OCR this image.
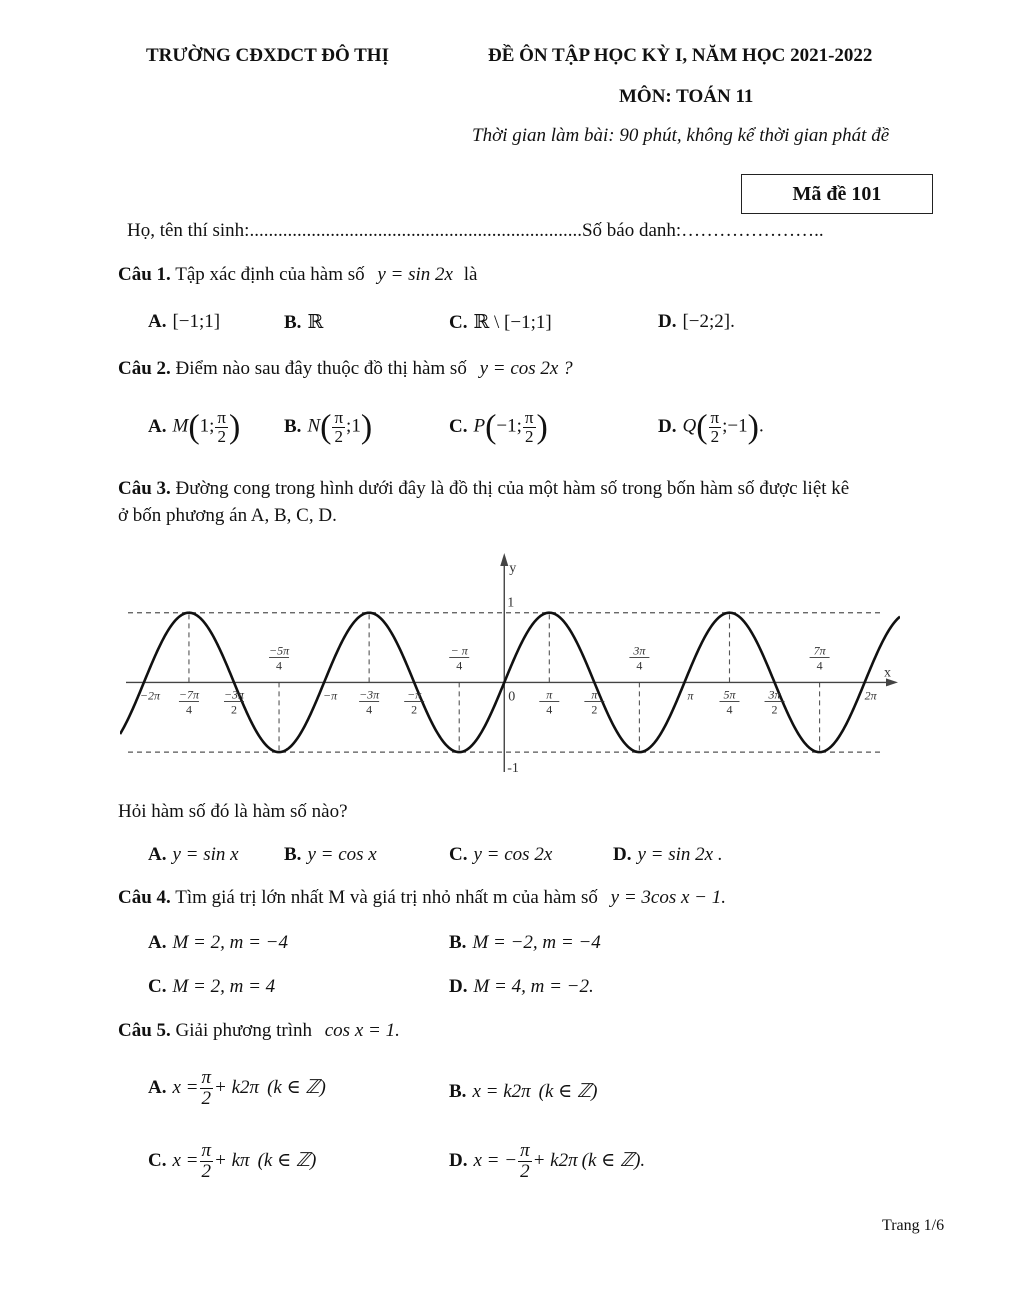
TRƯỜNG CĐXDCT ĐÔ THỊ	ĐỀ ÔN TẬP HỌC KỲ I, NĂM HỌC 2021-2022
MÔN: TOÁN 11
Thời gian làm bài: 90 phút, không kể thời gian phát đề
Mã đề 101
Họ, tên thí sinh:......................................................................Số báo danh:…………………..
Câu 1. Tập xác định của hàm số y = sin 2x là
A. [−1;1]	B. ℝ	C. ℝ \ [−1;1]	D. [−2;2].
Câu 2. Điểm nào sau đây thuộc đồ thị hàm số y = cos 2x ?
A. M(1; $\frac{\pi}{2}$ ) B. $N( \frac{\pi}{2}$ ;1)	C. P(−1; $\frac{\pi}{2}$ )	D. $Q( \frac{\pi}{2}$ ;−1).
Câu 3. Đường cong trong hình dưới đây là đồ thị của một hàm số trong bốn hàm số được liệt kê
ở bốn phương án A, B, C, D.
−2π −7π
4
−3π
2
−5π
4
−π −3π
4
−π
2
− π
4
π
4
π
2
3π
4
π	5π
4
3π
2
7π
4
2π
y
x
0
1
-1
Hỏi hàm số đó là hàm số nào?
A. y = sin x B. y = cos x	C. y = cos 2x	D. y = sin 2x .
Câu 4. Tìm giá trị lớn nhất M và giá trị nhỏ nhất m của hàm số y = 3cos x − 1.
A. M = 2, m = −4	B. M = −2, m = −4
C. M = 2, m = 4	D. M = 4, m = −2.
Câu 5. Giải phương trình cos x = 1.
A. $x = \frac{\pi}{2} + k2\pi$ (k ∈ ℤ)	B. x = k2π (k ∈ ℤ)
C. $x = \frac{\pi}{2} + k\pi$ (k ∈ ℤ)	D. x = − $\frac{\pi}{2} + k2\pi$ (k ∈ ℤ).
Trang 1/6
